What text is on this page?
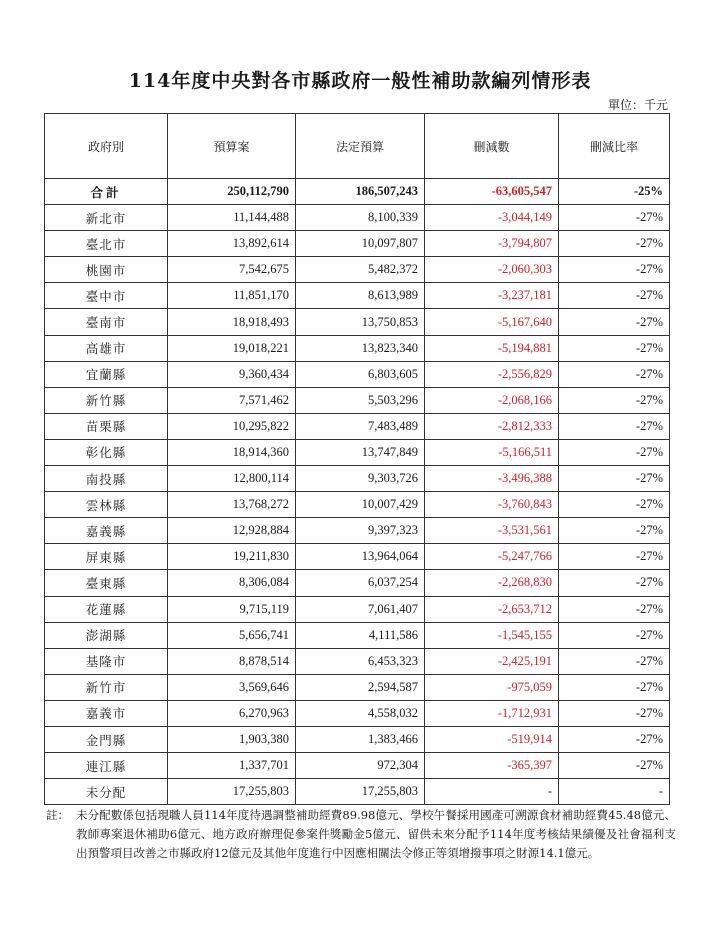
114年度中央對各市縣政府一般性補助款編列情形表
單位：千元
政府別	預算案	法定預算	刪減數	刪減比率
合計	250,112,790	186,507,243	-63,605,547	-25%
新北市	11,144,488	8,100,339	-3,044,149	-27%
臺北市	13,892,614	10,097,807	-3,794,807	-27%
桃園市	7,542,675	5,482,372	-2,060,303	-27%
臺中市	11,851,170	8,613,989	-3,237,181	-27%
臺南市	18,918,493	13,750,853	-5,167,640	-27%
高雄市	19,018,221	13,823,340	-5,194,881	-27%
宜蘭縣	9,360,434	6,803,605	-2,556,829	-27%
新竹縣	7,571,462	5,503,296	-2,068,166	-27%
苗栗縣	10,295,822	7,483,489	-2,812,333	-27%
彰化縣	18,914,360	13,747,849	-5,166,511	-27%
南投縣	12,800,114	9,303,726	-3,496,388	-27%
雲林縣	13,768,272	10,007,429	-3,760,843	-27%
嘉義縣	12,928,884	9,397,323	-3,531,561	-27%
屏東縣	19,211,830	13,964,064	-5,247,766	-27%
臺東縣	8,306,084	6,037,254	-2,268,830	-27%
花蓮縣	9,715,119	7,061,407	-2,653,712	-27%
澎湖縣	5,656,741	4,111,586	-1,545,155	-27%
基隆市	8,878,514	6,453,323	-2,425,191	-27%
新竹市	3,569,646	2,594,587	-975,059	-27%
嘉義市	6,270,963	4,558,032	-1,712,931	-27%
金門縣	1,903,380	1,383,466	-519,914	-27%
連江縣	1,337,701	972,304	-365,397	-27%
未分配	17,255,803	17,255,803	-	-
註： 未分配數係包括現職人員114年度待遇調整補助經費89.98億元、學校午餐採用國產可溯源食材補助經費45.48億元、教師專案退休補助6億元、地方政府辦理促參案件獎勵金5億元、留供未來分配予114年度考核結果績優及社會福利支出預警項目改善之市縣政府12億元及其他年度進行中因應相關法令修正等須增撥事項之財源14.1億元。
